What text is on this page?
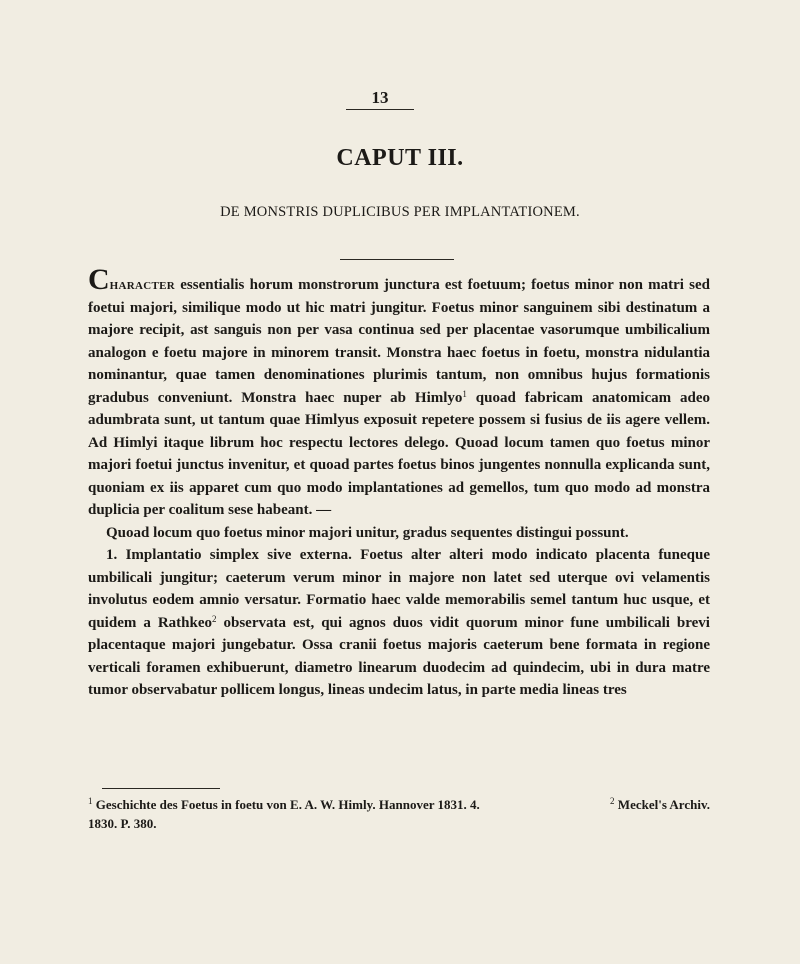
13
CAPUT III.
DE MONSTRIS DUPLICIBUS PER IMPLANTATIONEM.

Character essentialis horum monstrorum junctura est foetuum; foetus minor non matri sed foetui majori, similique modo ut hic matri jungitur. Foetus minor sanguinem sibi destinatum a majore recipit, ast sanguis non per vasa continua sed per placentae vasorumque umbilicalium analogon e foetu majore in minorem transit. Monstra haec foetus in foetu, monstra nidulantia nominantur, quae tamen denominationes plurimis tantum, non omnibus hujus formationis gradubus conveniunt. Monstra haec nuper ab Himlyo$^1$ quoad fabricam anatomicam adeo adumbrata sunt, ut tantum quae Himlyus exposuit repetere possem si fusius de iis agere vellem. Ad Himlyi itaque librum hoc respectu lectores delego. Quoad locum tamen quo foetus minor majori foetui junctus invenitur, et quoad partes foetus binos jungentes nonnulla explicanda sunt, quoniam ex iis apparet cum quo modo implantationes ad gemellos, tum quo modo ad monstra duplicia per coalitum sese habeant. —

Quoad locum quo foetus minor majori unitur, gradus sequentes distingui possunt.

1. Implantatio simplex sive externa. Foetus alter alteri modo indicato placenta funeque umbilicali jungitur; caeterum verum minor in majore non latet sed uterque ovi velamentis involutus eodem amnio versatur. Formatio haec valde memorabilis semel tantum huc usque, et quidem a Rathkeo$^2$ observata est, qui agnos duos vidit quorum minor fune umbilicali brevi placentaque majori jungebatur. Ossa cranii foetus majoris caeterum bene formata in regione verticali foramen exhibuerunt, diametro linearum duodecim ad quindecim, ubi in dura matre tumor observabatur pollicem longus, lineas undecim latus, in parte media lineas tres

$^1$ Geschichte des Foetus in foetu von E. A. W. Himly. Hannover 1831. 4.	$^2$ Meckel's Archiv.
1830. P. 380.
